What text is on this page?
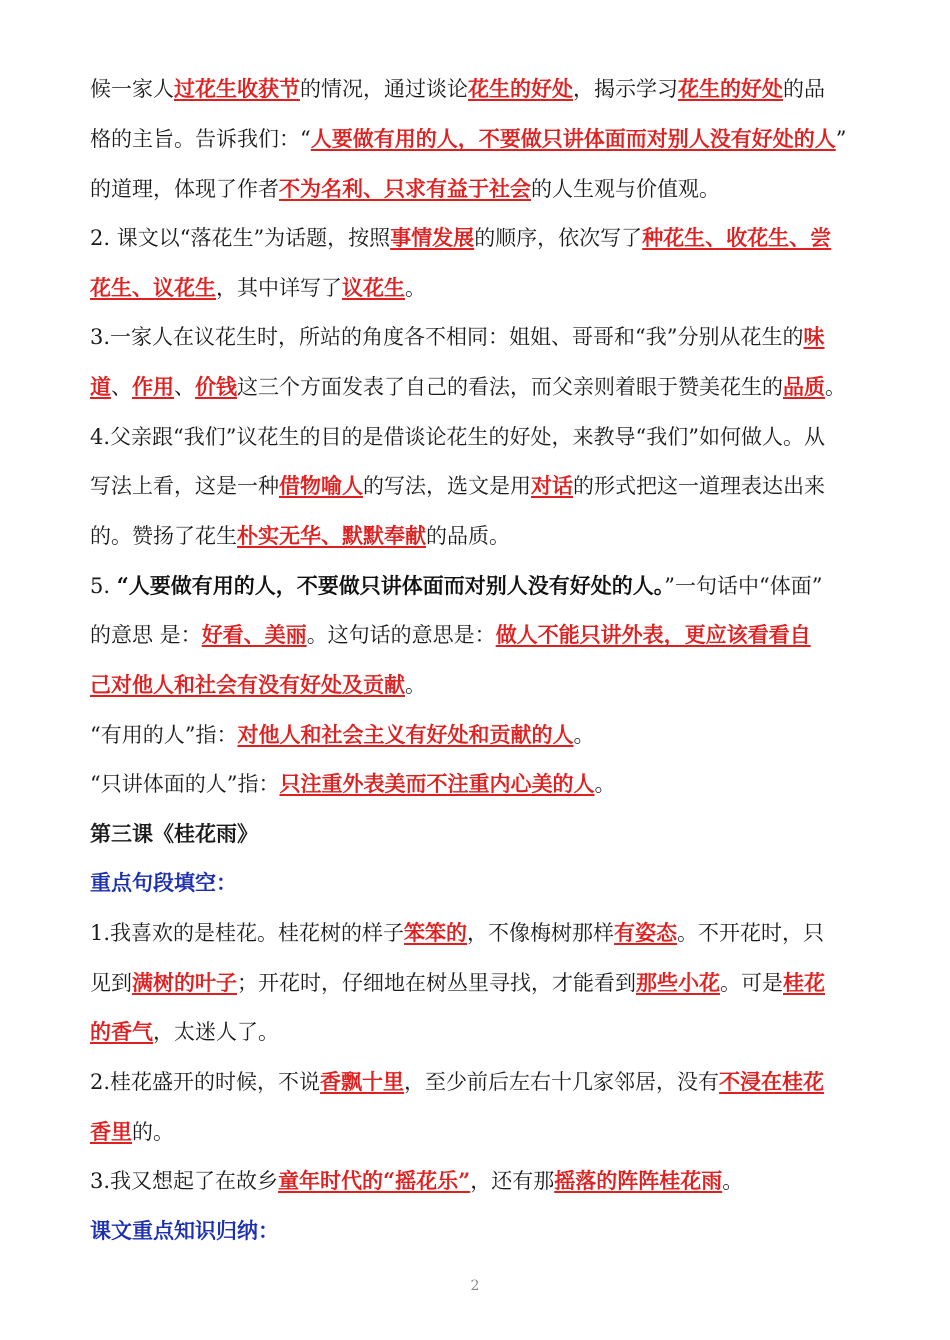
候一家人过花生收获节的情况，通过谈论花生的好处，揭示学习花生的好处的品
格的主旨。告诉我们：“人要做有用的人，不要做只讲体面而对别人没有好处的人”
的道理，体现了作者不为名利、只求有益于社会的人生观与价值观。
2. 课文以“落花生”为话题，按照事情发展的顺序，依次写了种花生、收花生、尝
花生、议花生，其中详写了议花生。
3.一家人在议花生时，所站的角度各不相同：姐姐、哥哥和“我”分别从花生的味
道、作用、价钱这三个方面发表了自己的看法，而父亲则着眼于赞美花生的品质。
4.父亲跟“我们”议花生的目的是借谈论花生的好处，来教导“我们”如何做人。从
写法上看，这是一种借物喻人的写法，选文是用对话的形式把这一道理表达出来
的。赞扬了花生朴实无华、默默奉献的品质。
5. “人要做有用的人，不要做只讲体面而对别人没有好处的人。”一句话中“体面”
的意思 是：好看、美丽。这句话的意思是：做人不能只讲外表，更应该看看自
己对他人和社会有没有好处及贡献。
“有用的人”指：对他人和社会主义有好处和贡献的人。
“只讲体面的人”指：只注重外表美而不注重内心美的人。
第三课《桂花雨》
重点句段填空：
1.我喜欢的是桂花。桂花树的样子笨笨的，不像梅树那样有姿态。不开花时，只
见到满树的叶子；开花时，仔细地在树丛里寻找，才能看到那些小花。可是桂花
的香气，太迷人了。
2.桂花盛开的时候，不说香飘十里，至少前后左右十几家邻居，没有不浸在桂花
香里的。
3.我又想起了在故乡童年时代的“摇花乐”，还有那摇落的阵阵桂花雨。
课文重点知识归纳：
2
